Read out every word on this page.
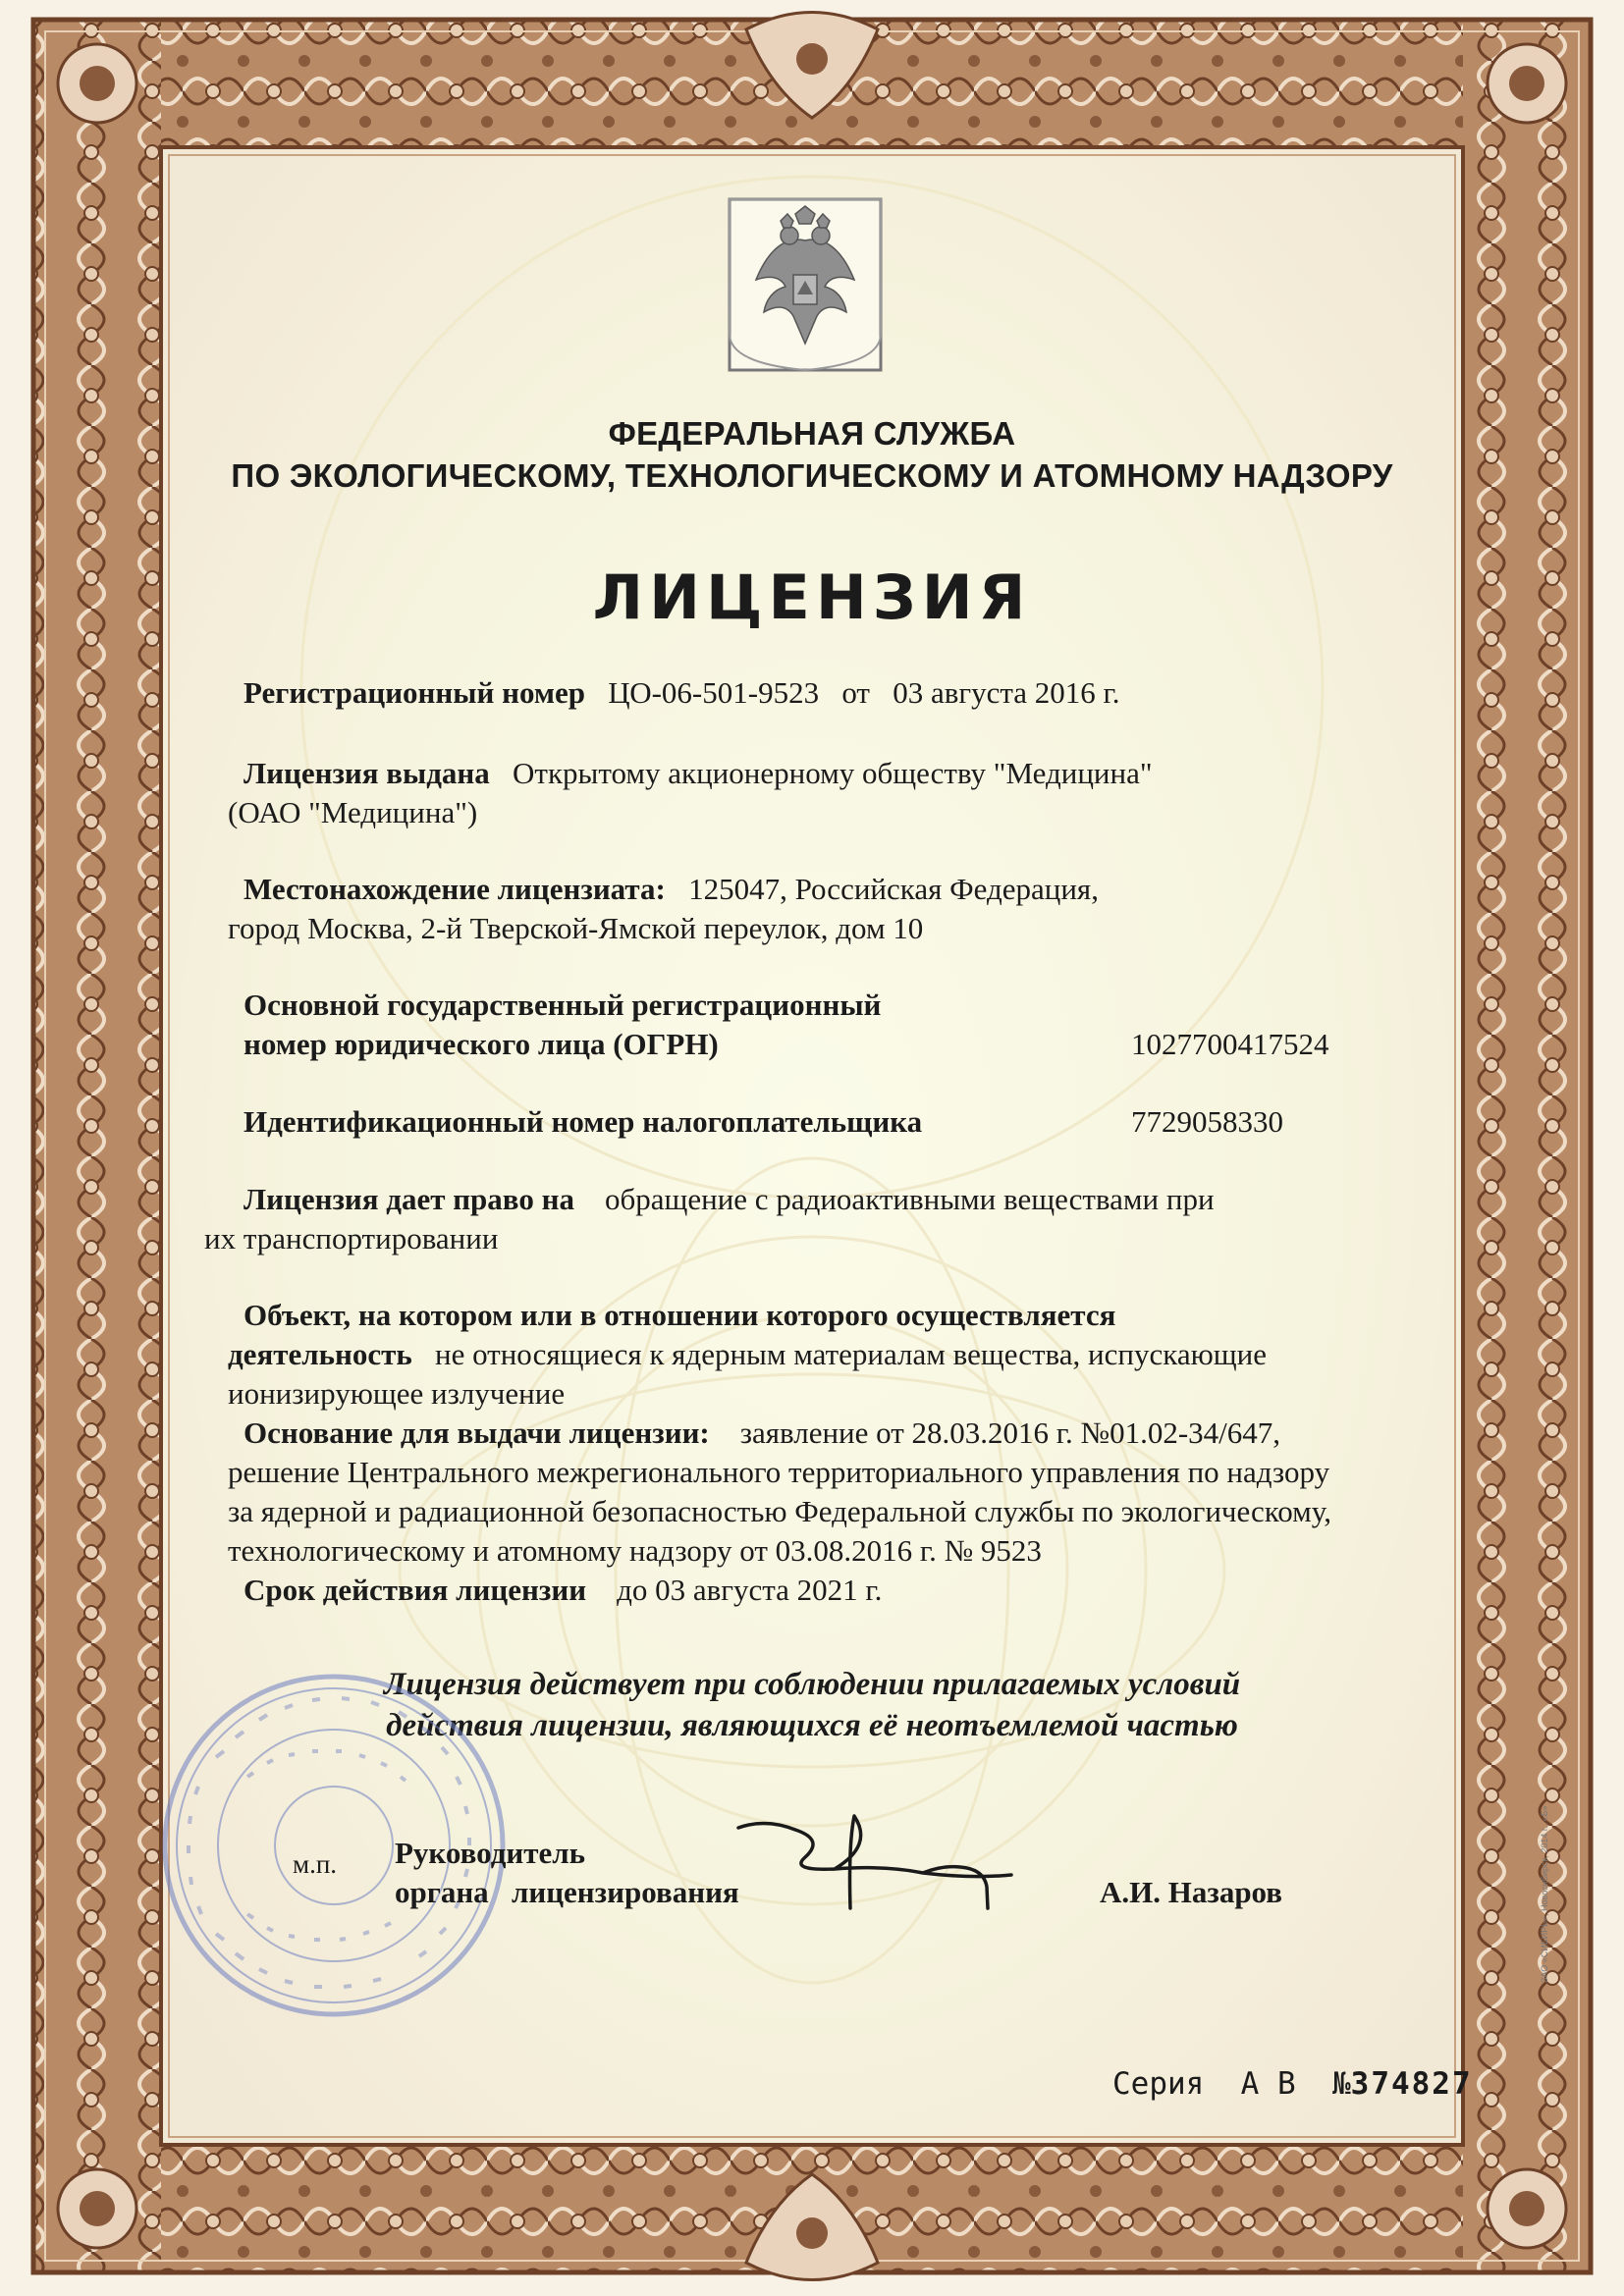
ФЕДЕРАЛЬНАЯ СЛУЖБА
ПО ЭКОЛОГИЧЕСКОМУ, ТЕХНОЛОГИЧЕСКОМУ И АТОМНОМУ НАДЗОРУ
ЛИЦЕНЗИЯ
Регистрационный номер ЦО-06-501-9523 от 03 августа 2016 г.
Лицензия выдана Открытому акционерному обществу "Медицина"
(ОАО "Медицина")
Местонахождение лицензиата: 125047, Российская Федерация,
город Москва, 2-й Тверской-Ямской переулок, дом 10
Основной государственный регистрационный
номер юридического лица (ОГРН)	1027700417524
Идентификационный номер налогоплательщика	7729058330
Лицензия дает право на обращение с радиоактивными веществами при
их транспортировании
Объект, на котором или в отношении которого осуществляется
деятельность не относящиеся к ядерным материалам вещества, испускающие
ионизирующее излучение
Основание для выдачи лицензии: заявление от 28.03.2016 г. №01.02-34/647,
решение Центрального межрегионального территориального управления по надзору
за ядерной и радиационной безопасностью Федеральной службы по экологическому,
технологическому и атомному надзору от 03.08.2016 г. № 9523
Срок действия лицензии до 03 августа 2021 г.
Лицензия действует при соблюдении прилагаемых условий
действия лицензии, являющихся её неотъемлемой частью
м.п. Руководитель
органа лицензирования	А.И. Назаров
Серия А В №374827
ЗАО «СИБИРЬ», Новосибирск, 2014 г., «Б»
